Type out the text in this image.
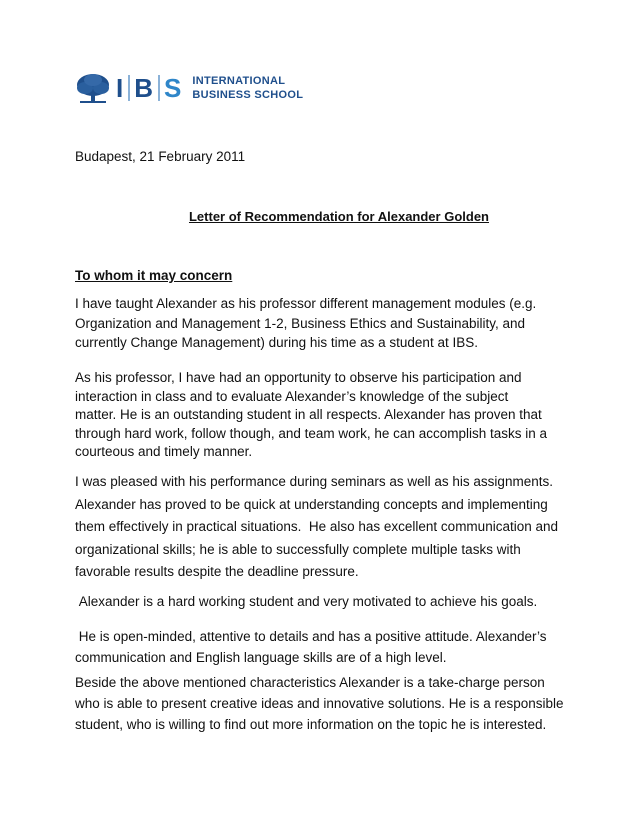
I B S INTERNATIONAL
BUSINESS SCHOOL
Budapest, 21 February 2011
Letter of Recommendation for Alexander Golden
To whom it may concern

I have taught Alexander as his professor different management modules (e.g.
Organization and Management 1-2, Business Ethics and Sustainability, and
currently Change Management) during his time as a student at IBS.

As his professor, I have had an opportunity to observe his participation and
interaction in class and to evaluate Alexander’s knowledge of the subject
matter. He is an outstanding student in all respects. Alexander has proven that
through hard work, follow though, and team work, he can accomplish tasks in a
courteous and timely manner.

I was pleased with his performance during seminars as well as his assignments.
Alexander has proved to be quick at understanding concepts and implementing
them effectively in practical situations.  He also has excellent communication and
organizational skills; he is able to successfully complete multiple tasks with
favorable results despite the deadline pressure.

Alexander is a hard working student and very motivated to achieve his goals.

He is open-minded, attentive to details and has a positive attitude. Alexander’s
communication and English language skills are of a high level.

Beside the above mentioned characteristics Alexander is a take-charge person
who is able to present creative ideas and innovative solutions. He is a responsible
student, who is willing to find out more information on the topic he is interested.
